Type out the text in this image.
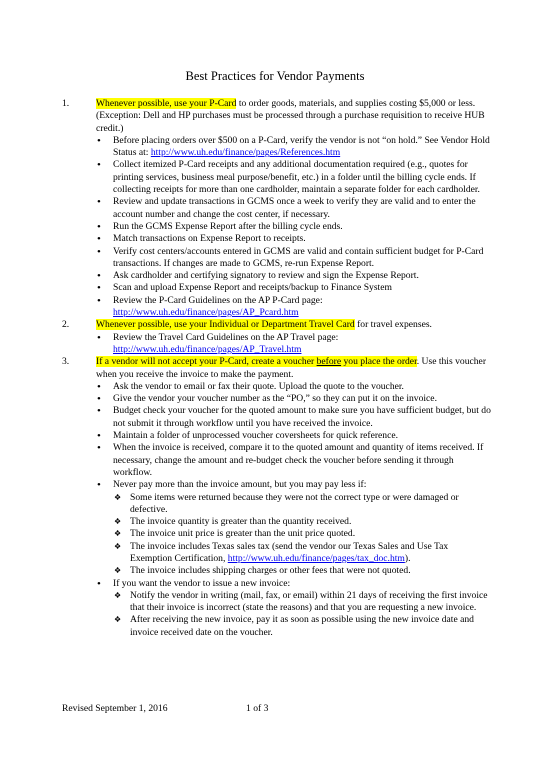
Best Practices for Vendor Payments
1.	Whenever possible, use your P-Card to order goods, materials, and supplies costing $5,000 or less. (Exception: Dell and HP purchases must be processed through a purchase requisition to receive HUB credit.)
• Before placing orders over $500 on a P-Card, verify the vendor is not “on hold.” See Vendor Hold Status at: http://www.uh.edu/finance/pages/References.htm
• Collect itemized P-Card receipts and any additional documentation required (e.g., quotes for printing services, business meal purpose/benefit, etc.) in a folder until the billing cycle ends. If collecting receipts for more than one cardholder, maintain a separate folder for each cardholder.
• Review and update transactions in GCMS once a week to verify they are valid and to enter the account number and change the cost center, if necessary.
• Run the GCMS Expense Report after the billing cycle ends.
• Match transactions on Expense Report to receipts.
• Verify cost centers/accounts entered in GCMS are valid and contain sufficient budget for P-Card transactions. If changes are made to GCMS, re-run Expense Report.
• Ask cardholder and certifying signatory to review and sign the Expense Report.
• Scan and upload Expense Report and receipts/backup to Finance System
• Review the P-Card Guidelines on the AP P-Card page: http://www.uh.edu/finance/pages/AP_Pcard.htm
2.	Whenever possible, use your Individual or Department Travel Card for travel expenses.
• Review the Travel Card Guidelines on the AP Travel page: http://www.uh.edu/finance/pages/AP_Travel.htm
3.	If a vendor will not accept your P-Card, create a voucher before you place the order. Use this voucher when you receive the invoice to make the payment.
• Ask the vendor to email or fax their quote. Upload the quote to the voucher.
• Give the vendor your voucher number as the “PO,” so they can put it on the invoice.
• Budget check your voucher for the quoted amount to make sure you have sufficient budget, but do not submit it through workflow until you have received the invoice.
• Maintain a folder of unprocessed voucher coversheets for quick reference.
• When the invoice is received, compare it to the quoted amount and quantity of items received. If necessary, change the amount and re-budget check the voucher before sending it through workflow.
• Never pay more than the invoice amount, but you may pay less if:
❖ Some items were returned because they were not the correct type or were damaged or defective.
❖ The invoice quantity is greater than the quantity received.
❖ The invoice unit price is greater than the unit price quoted.
❖ The invoice includes Texas sales tax (send the vendor our Texas Sales and Use Tax Exemption Certification, http://www.uh.edu/finance/pages/tax_doc.htm).
❖ The invoice includes shipping charges or other fees that were not quoted.
• If you want the vendor to issue a new invoice:
❖ Notify the vendor in writing (mail, fax, or email) within 21 days of receiving the first invoice that their invoice is incorrect (state the reasons) and that you are requesting a new invoice.
❖ After receiving the new invoice, pay it as soon as possible using the new invoice date and invoice received date on the voucher.
Revised September 1, 2016	1 of 3
